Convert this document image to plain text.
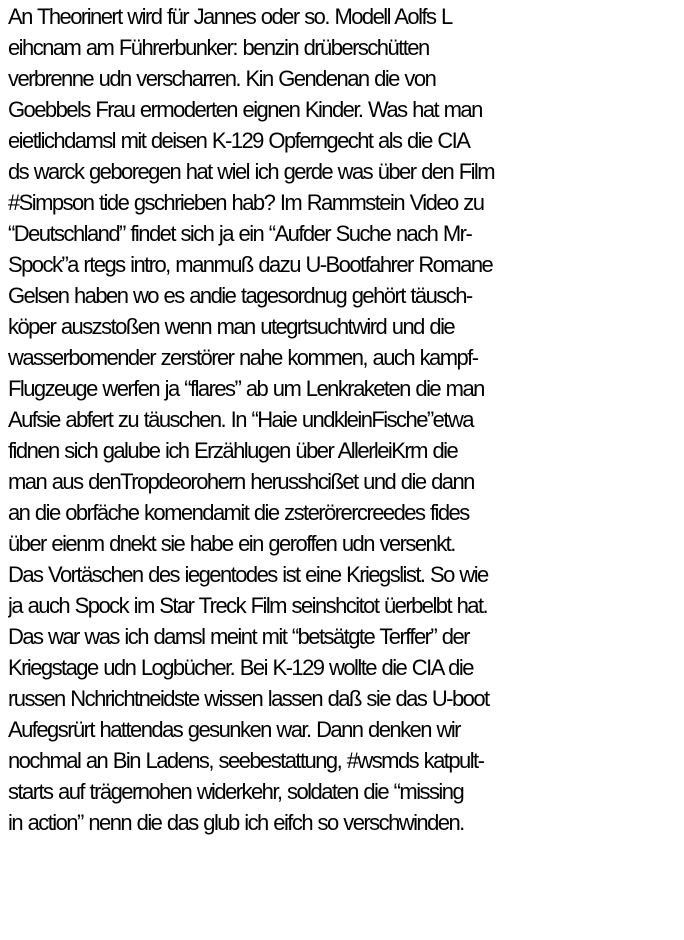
An Theorinert wird für Jannes oder so. Modell Aolfs L
eihcnam am Führerbunker: benzin drüberschütten
verbrenne udn verscharren. Kin Gendenan die von
Goebbels Frau ermoderten eignen Kinder. Was hat man
eietlichdamsl mit deisen K-129 Opferngecht als die CIA
ds warck geboregen hat wiel ich gerde was über den Film
#Simpson tide gschrieben hab? Im Rammstein Video zu
“Deutschland” findet sich ja ein “Aufder Suche nach Mr-
Spock”a rtegs intro, manmuß dazu U-Bootfahrer Romane
Gelsen haben wo es andie tagesordnug gehört täusch-
köper auszstoßen wenn man utegrtsuchtwird und die
wasserbomender zerstörer nahe kommen, auch kampf-
Flugzeuge werfen ja “flares” ab um Lenkraketen die man
Aufsie abfert zu täuschen. In “Haie undkleinFische”etwa
fidnen sich galube ich Erzählugen über AllerleiKrm die
man aus denTropdeorohern herusshcißet und die dann
an die obrfäche komendamit die zsterörercreedes fides
über eienm dnekt sie habe ein geroffen udn versenkt.
Das Vortäschen des iegentodes ist eine Kriegslist. So wie
ja auch Spock im Star Treck Film seinshcitot üerbelbt hat.
Das war was ich damsl meint mit “betsätgte Terffer” der
Kriegstage udn Logbücher. Bei K-129 wollte die CIA die
russen Nchrichtneidste wissen lassen daß sie das U-boot
Aufegsrürt hattendas gesunken war. Dann denken wir
nochmal an Bin Ladens, seebestattung, #wsmds katpult-
starts auf trägernohen widerkehr, soldaten die “missing
in action” nenn die das glub ich eifch so verschwinden.
